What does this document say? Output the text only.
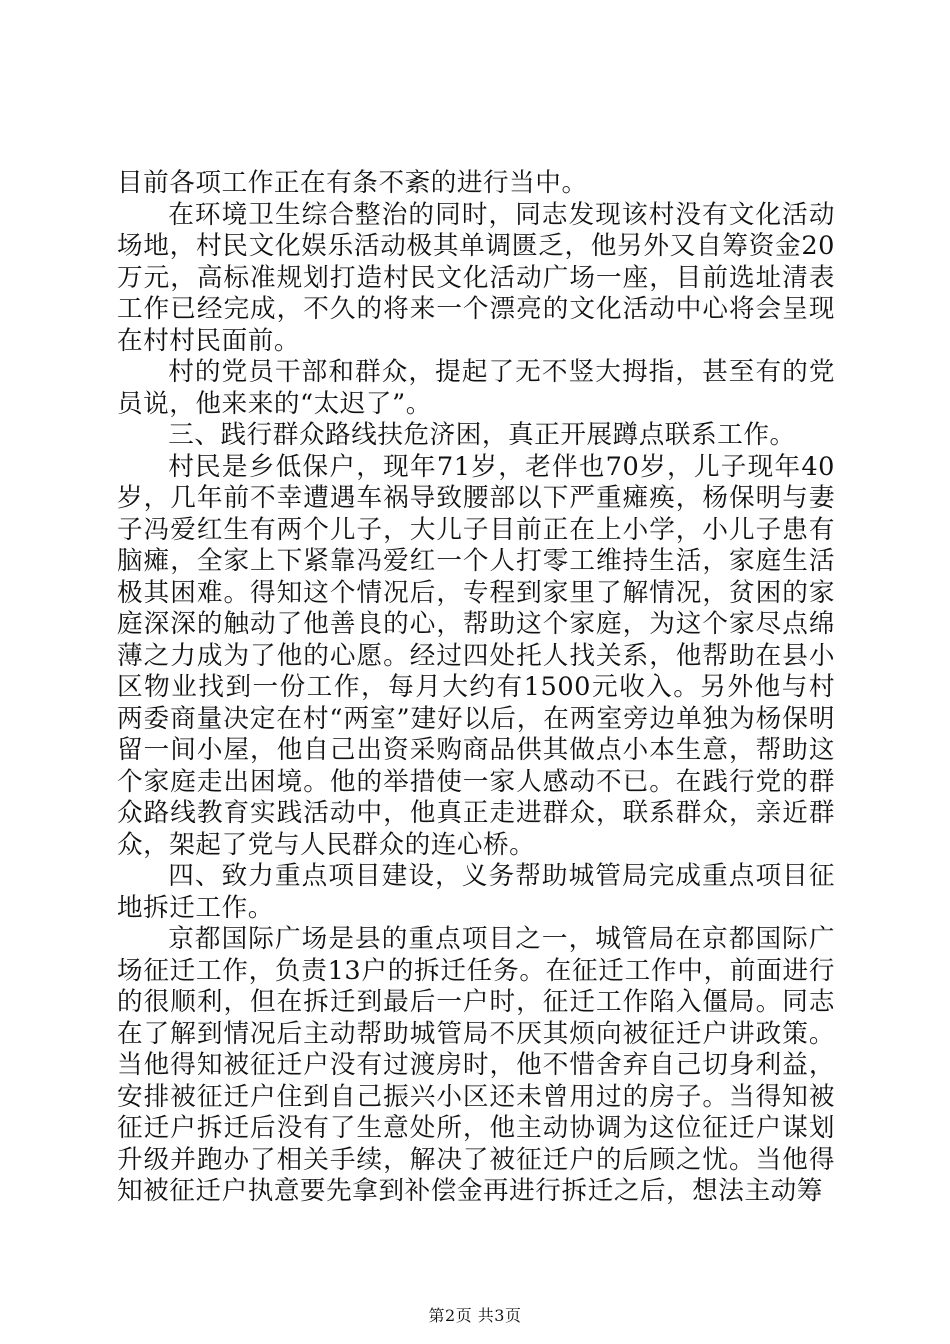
目前各项工作正在有条不紊的进行当中。

在环境卫生综合整治的同时，同志发现该村没有文化活动场地，村民文化娱乐活动极其单调匮乏，他另外又自筹资金20万元，高标准规划打造村民文化活动广场一座，目前选址清表工作已经完成，不久的将来一个漂亮的文化活动中心将会呈现在村村民面前。

村的党员干部和群众，提起了无不竖大拇指，甚至有的党员说，他来来的“太迟了”。

三、践行群众路线扶危济困，真正开展蹲点联系工作。

村民是乡低保户，现年71岁，老伴也70岁，儿子现年40岁，几年前不幸遭遇车祸导致腰部以下严重瘫痪，杨保明与妻子冯爱红生有两个儿子，大儿子目前正在上小学，小儿子患有脑瘫，全家上下紧靠冯爱红一个人打零工维持生活，家庭生活极其困难。得知这个情况后，专程到家里了解情况，贫困的家庭深深的触动了他善良的心，帮助这个家庭，为这个家尽点绵薄之力成为了他的心愿。经过四处托人找关系，他帮助在县小区物业找到一份工作，每月大约有1500元收入。另外他与村两委商量决定在村“两室”建好以后，在两室旁边单独为杨保明留一间小屋，他自己出资采购商品供其做点小本生意，帮助这个家庭走出困境。他的举措使一家人感动不已。在践行党的群众路线教育实践活动中，他真正走进群众，联系群众，亲近群众，架起了党与人民群众的连心桥。

四、致力重点项目建设，义务帮助城管局完成重点项目征地拆迁工作。

京都国际广场是县的重点项目之一，城管局在京都国际广场征迁工作，负责13户的拆迁任务。在征迁工作中，前面进行的很顺利，但在拆迁到最后一户时，征迁工作陷入僵局。同志在了解到情况后主动帮助城管局不厌其烦向被征迁户讲政策。当他得知被征迁户没有过渡房时，他不惜舍弃自己切身利益，安排被征迁户住到自己振兴小区还未曾用过的房子。当得知被征迁户拆迁后没有了生意处所，他主动协调为这位征迁户谋划升级并跑办了相关手续，解决了被征迁户的后顾之忧。当他得知被征迁户执意要先拿到补偿金再进行拆迁之后，想法主动筹

第2页 共3页
